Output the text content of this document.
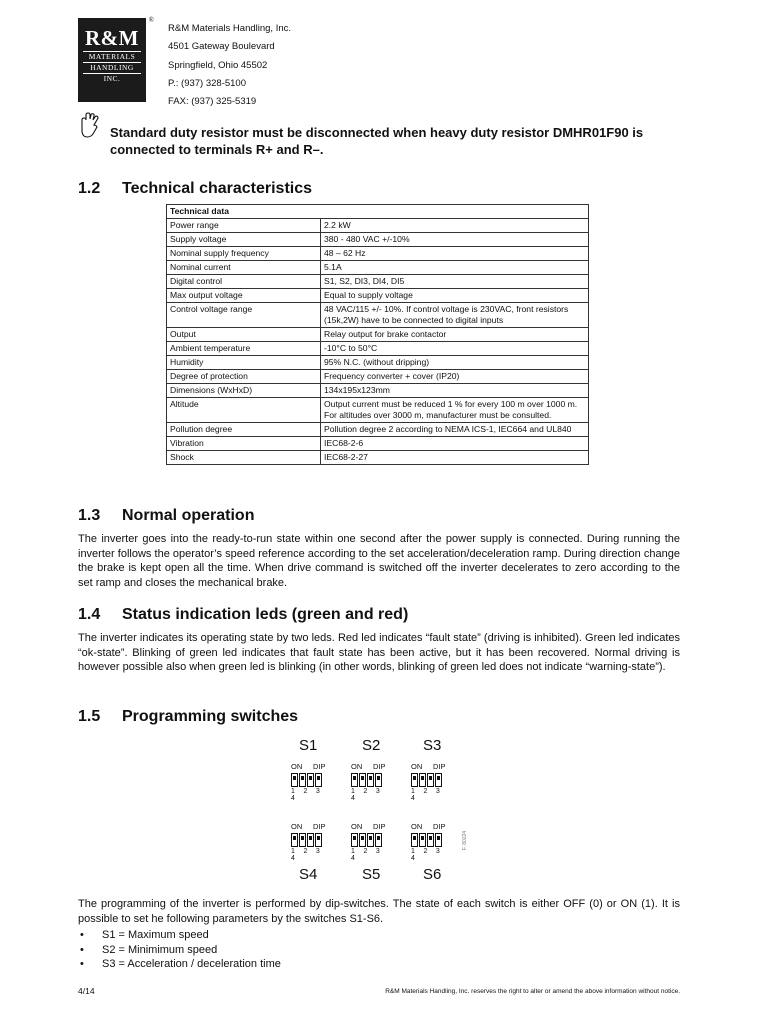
R&M
MATERIALS
HANDLING
INC.
®
R&M Materials Handling, Inc.
4501 Gateway Boulevard
Springfield, Ohio 45502
P.: (937) 328-5100
FAX: (937) 325-5319
Standard duty resistor must be disconnected when heavy duty resistor DMHR01F90 is connected to terminals R+ and R–.
1.2 Technical characteristics
Technical data	
Power range	2.2 kW
Supply voltage	380 - 480 VAC +/-10%
Nominal supply frequency	48 – 62 Hz
Nominal current	5.1A
Digital control	S1, S2, DI3, DI4, DI5
Max output voltage	Equal to supply voltage
Control voltage range	48 VAC/115 +/- 10%. If control voltage is 230VAC, front resistors (15k,2W) have to be connected to digital inputs
Output	Relay output for brake contactor
Ambient temperature	-10°C to 50°C
Humidity	95% N.C. (without dripping)
Degree of protection	Frequency converter + cover (IP20)
Dimensions (WxHxD)	134x195x123mm
Altitude	Output current must be reduced 1 % for every 100 m over 1000 m. For altitudes over 3000 m, manufacturer must be consulted.
Pollution degree	Pollution degree 2 according to NEMA ICS-1, IEC664 and UL840
Vibration	IEC68-2-6
Shock	IEC68-2-27
1.3 Normal operation

The inverter goes into the ready-to-run state within one second after the power supply is connected. During running the inverter follows the operator’s speed reference according to the set acceleration/deceleration ramp. During direction change the brake is kept open all the time. When drive command is switched off the inverter decelerates to zero according to the set ramp and closes the mechanical brake.

1.4 Status indication leds (green and red)

The inverter indicates its operating state by two leds. Red led indicates “fault state” (driving is inhibited). Green led indicates “ok-state”. Blinking of green led indicates that fault state has been active, but it has been recovered. Normal driving is however possible also when green led is blinking (in other words, blinking of green led does not indicate “warning-state”).

1.5 Programming switches
S1	S2	S3
S4	S5	S6
ON DIP
1 2 3 4
ON DIP
1 2 3 4
ON DIP
1 2 3 4
ON DIP
1 2 3 4
ON DIP
1 2 3 4
ON DIP
1 2 3 4
F. 80224

The programming of the inverter is performed by dip-switches. The state of each switch is either OFF (0) or ON (1). It is possible to set he following parameters by the switches S1-S6.

• S1 = Maximum speed
• S2 = Minimimum speed
• S3 = Acceleration / deceleration time
4/14	R&M Materials Handling, Inc. reserves the right to alter or amend the above information without notice.
